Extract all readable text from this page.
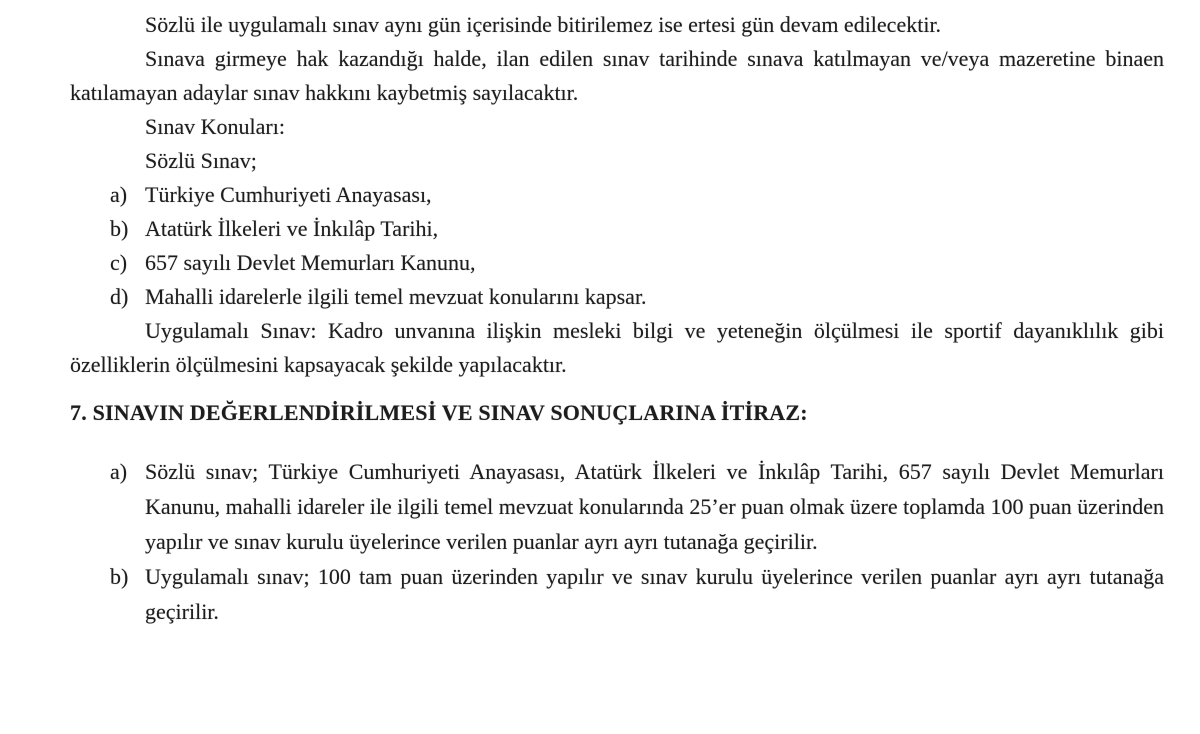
Sözlü ile uygulamalı sınav aynı gün içerisinde bitirilemez ise ertesi gün devam edilecektir.

Sınava girmeye hak kazandığı halde, ilan edilen sınav tarihinde sınava katılmayan ve/veya mazeretine binaen katılamayan adaylar sınav hakkını kaybetmiş sayılacaktır.

Sınav Konuları:

Sözlü Sınav;

a) Türkiye Cumhuriyeti Anayasası,
b) Atatürk İlkeleri ve İnkılâp Tarihi,
c) 657 sayılı Devlet Memurları Kanunu,
d) Mahalli idarelerle ilgili temel mevzuat konularını kapsar.

Uygulamalı Sınav: Kadro unvanına ilişkin mesleki bilgi ve yeteneğin ölçülmesi ile sportif dayanıklılık gibi özelliklerin ölçülmesini kapsayacak şekilde yapılacaktır.

7. SINAVIN DEĞERLENDİRİLMESİ VE SINAV SONUÇLARINA İTİRAZ:
a) Sözlü sınav; Türkiye Cumhuriyeti Anayasası, Atatürk İlkeleri ve İnkılâp Tarihi, 657 sayılı Devlet Memurları Kanunu, mahalli idareler ile ilgili temel mevzuat konularında 25’er puan olmak üzere toplamda 100 puan üzerinden yapılır ve sınav kurulu üyelerince verilen puanlar ayrı ayrı tutanağa geçirilir.
b) Uygulamalı sınav; 100 tam puan üzerinden yapılır ve sınav kurulu üyelerince verilen puanlar ayrı ayrı tutanağa geçirilir.
